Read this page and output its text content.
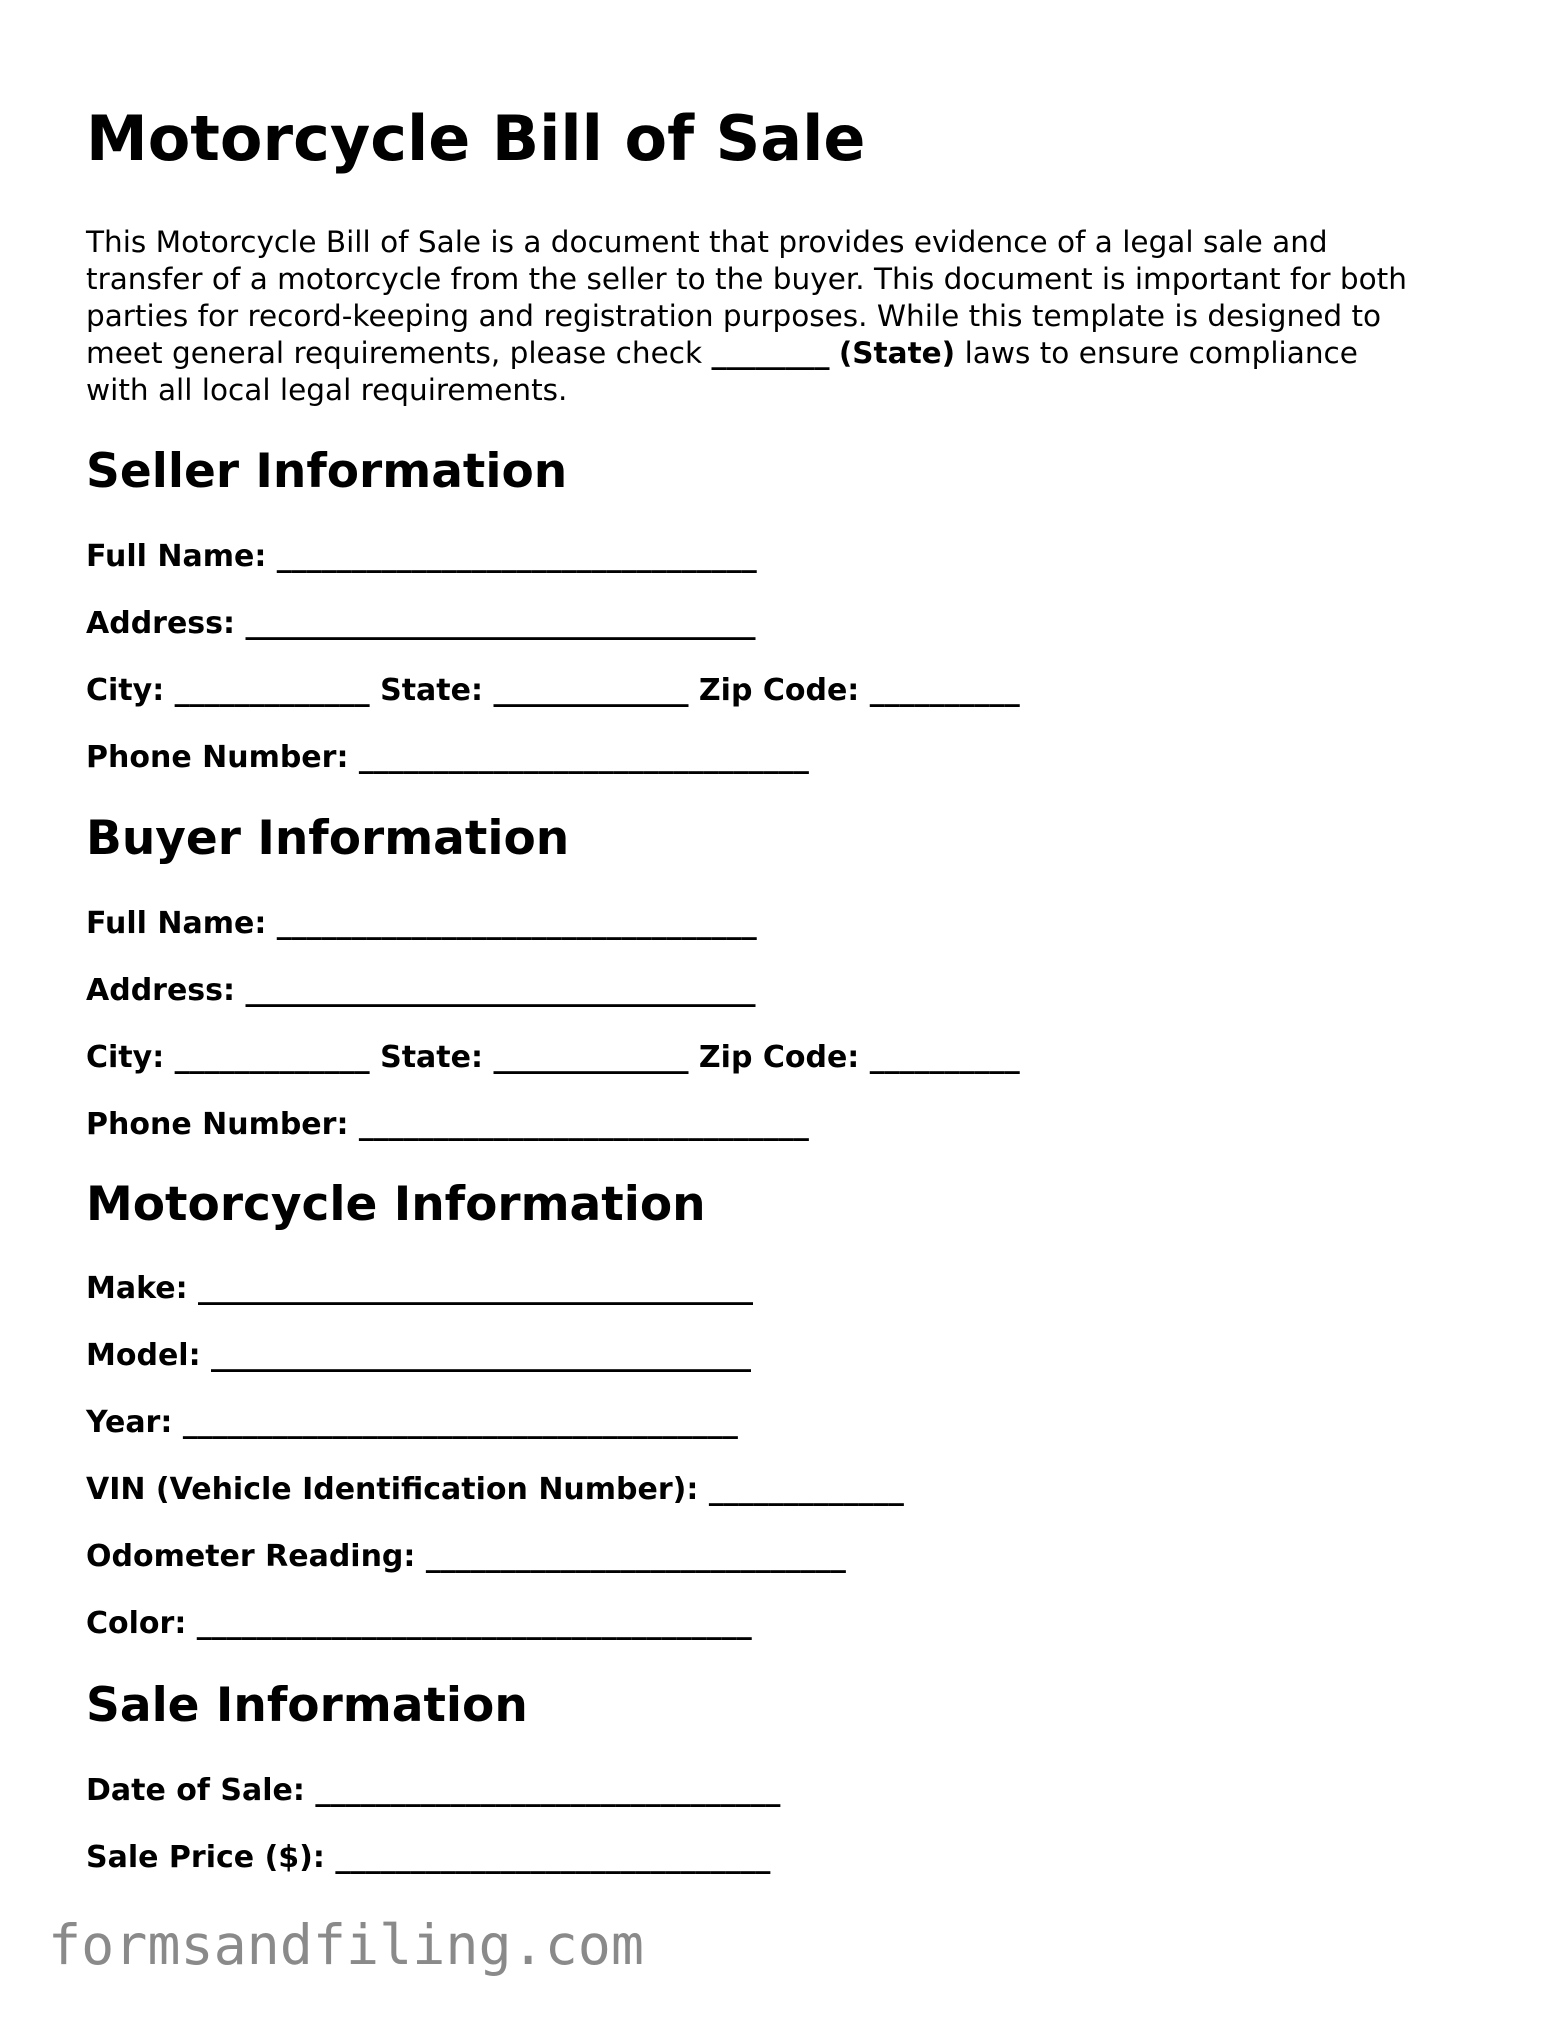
Motorcycle Bill of Sale

This Motorcycle Bill of Sale is a document that provides evidence of a legal sale and
transfer of a motorcycle from the seller to the buyer. This document is important for both
parties for record-keeping and registration purposes. While this template is designed to
meet general requirements, please check ________ (State) laws to ensure compliance
with all local legal requirements.

Seller Information
Full Name: ________________________________
Address: __________________________________
City: _____________ State: _____________ Zip Code: __________
Phone Number: ______________________________
Buyer Information
Full Name: ________________________________
Address: __________________________________
City: _____________ State: _____________ Zip Code: __________
Phone Number: ______________________________
Motorcycle Information
Make: _____________________________________
Model: ____________________________________
Year: _____________________________________
VIN (Vehicle Identification Number): _____________
Odometer Reading: ____________________________
Color: _____________________________________
Sale Information
Date of Sale: _______________________________
Sale Price ($): _____________________________
formsandfiling.com
